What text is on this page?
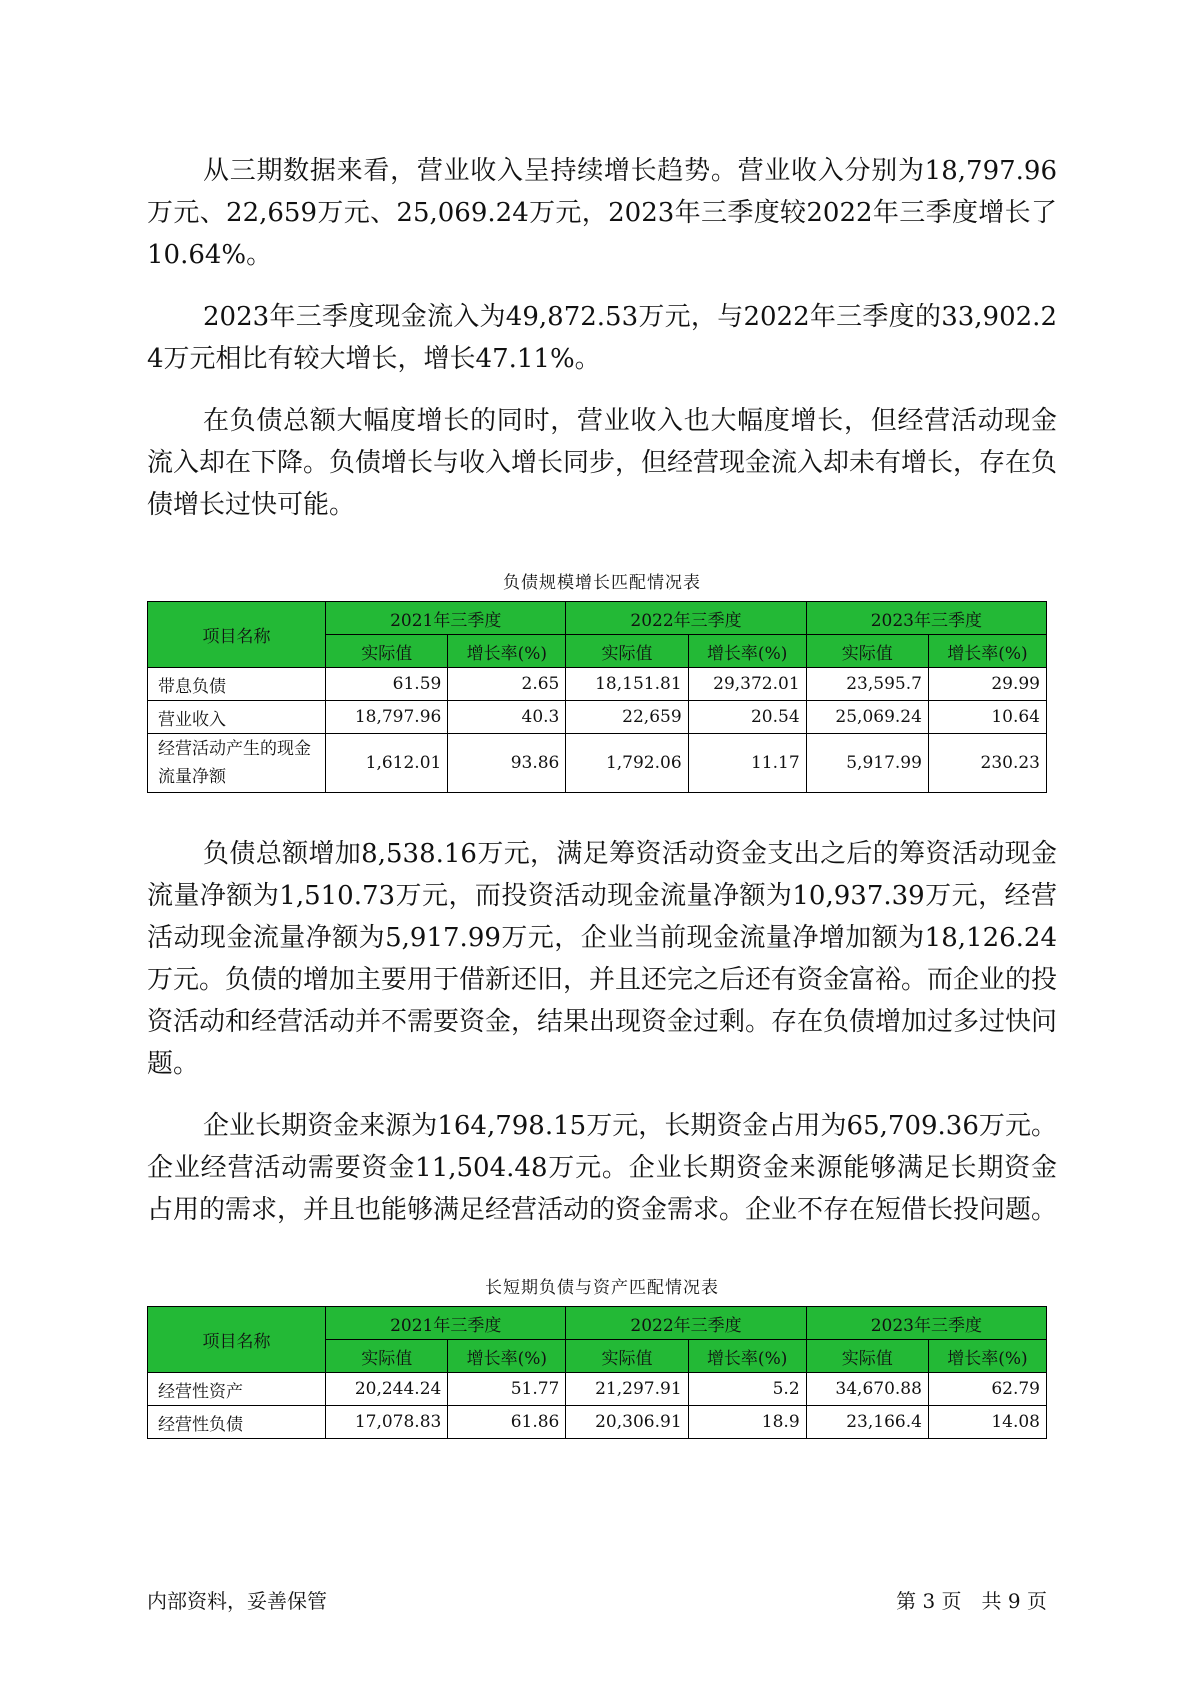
从三期数据来看，营业收入呈持续增长趋势。营业收入分别为18,797.96万元、22,659万元、25,069.24万元，2023年三季度较2022年三季度增长了10.64%。

2023年三季度现金流入为49,872.53万元，与2022年三季度的33,902.24万元相比有较大增长，增长47.11%。

在负债总额大幅度增长的同时，营业收入也大幅度增长，但经营活动现金流入却在下降。负债增长与收入增长同步，但经营现金流入却未有增长，存在负债增长过快可能。

负债规模增长匹配情况表
项目名称	2021年三季度		2022年三季度		2023年三季度	
	实际值	增长率(%)	实际值	增长率(%)	实际值	增长率(%)
带息负债	61.59	2.65	18,151.81	29,372.01	23,595.7	29.99
营业收入	18,797.96	40.3	22,659	20.54	25,069.24	10.64
经营活动产生的现金流量净额	1,612.01	93.86	1,792.06	11.17	5,917.99	230.23

负债总额增加8,538.16万元，满足筹资活动资金支出之后的筹资活动现金流量净额为1,510.73万元，而投资活动现金流量净额为10,937.39万元，经营活动现金流量净额为5,917.99万元，企业当前现金流量净增加额为18,126.24万元。负债的增加主要用于借新还旧，并且还完之后还有资金富裕。而企业的投资活动和经营活动并不需要资金，结果出现资金过剩。存在负债增加过多过快问题。

企业长期资金来源为164,798.15万元，长期资金占用为65,709.36万元。企业经营活动需要资金11,504.48万元。企业长期资金来源能够满足长期资金占用的需求，并且也能够满足经营活动的资金需求。企业不存在短借长投问题。

长短期负债与资产匹配情况表
项目名称	2021年三季度		2022年三季度		2023年三季度	
	实际值	增长率(%)	实际值	增长率(%)	实际值	增长率(%)
经营性资产	20,244.24	51.77	21,297.91	5.2	34,670.88	62.79
经营性负债	17,078.83	61.86	20,306.91	18.9	23,166.4	14.08
内部资料，妥善保管	第 3 页　共 9 页
